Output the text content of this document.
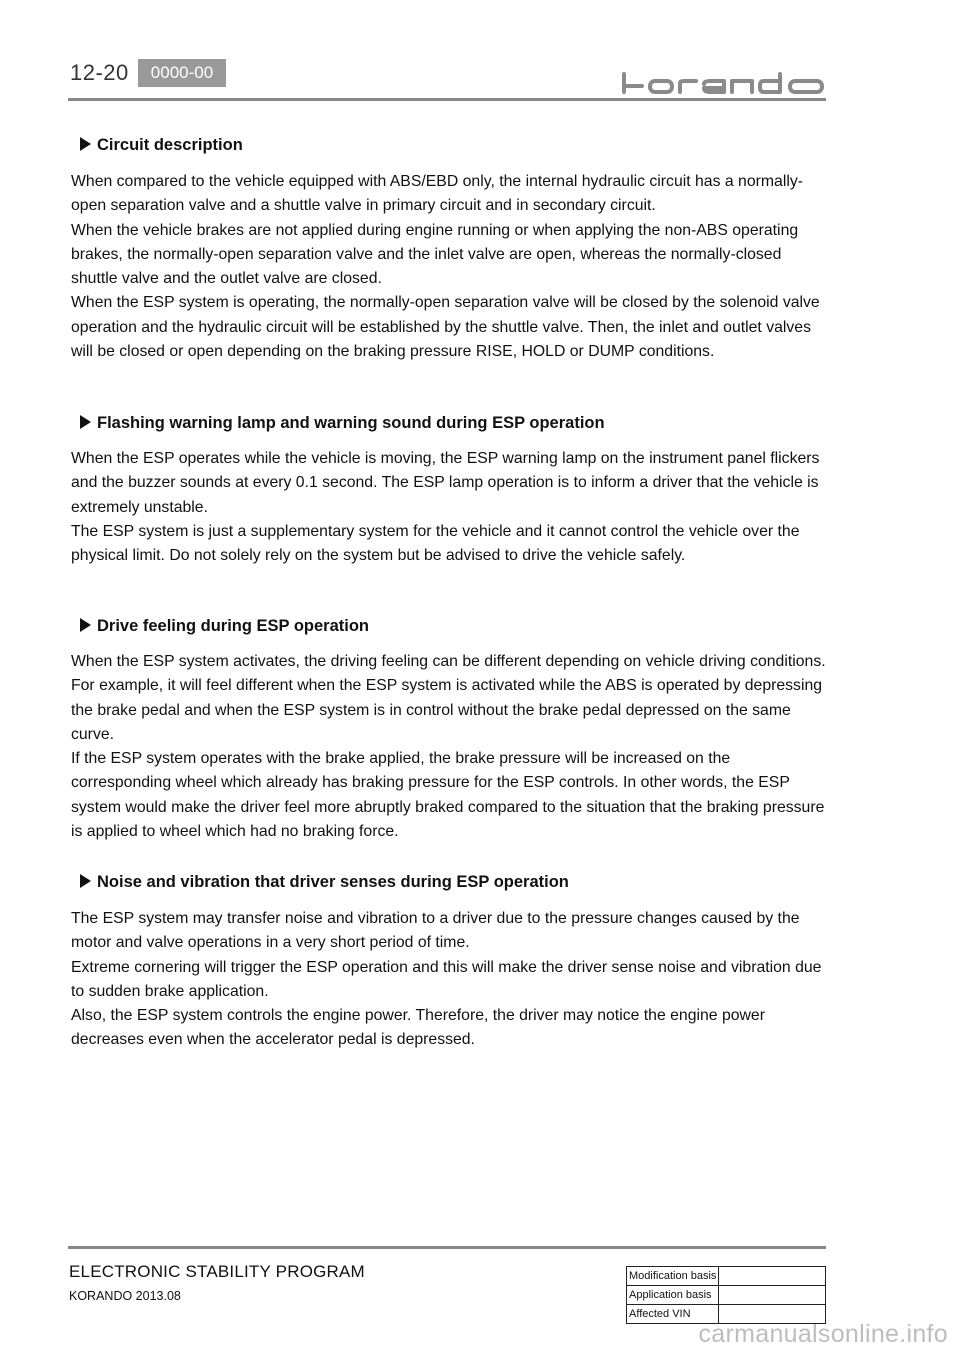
12-20	0000-00
Circuit description

When compared to the vehicle equipped with ABS/EBD only, the internal hydraulic circuit has a normally-open separation valve and a shuttle valve in primary circuit and in secondary circuit.

When the vehicle brakes are not applied during engine running or when applying the non-ABS operating brakes, the normally-open separation valve and the inlet valve are open, whereas the normally-closed shuttle valve and the outlet valve are closed.

When the ESP system is operating, the normally-open separation valve will be closed by the solenoid valve operation and the hydraulic circuit will be established by the shuttle valve. Then, the inlet and outlet valves will be closed or open depending on the braking pressure RISE, HOLD or DUMP conditions.

Flashing warning lamp and warning sound during ESP operation

When the ESP operates while the vehicle is moving, the ESP warning lamp on the instrument panel flickers and the buzzer sounds at every 0.1 second. The ESP lamp operation is to inform a driver that the vehicle is extremely unstable.

The ESP system is just a supplementary system for the vehicle and it cannot control the vehicle over the physical limit. Do not solely rely on the system but be advised to drive the vehicle safely.

Drive feeling during ESP operation

When the ESP system activates, the driving feeling can be different depending on vehicle driving conditions. For example, it will feel different when the ESP system is activated while the ABS is operated by depressing the brake pedal and when the ESP system is in control without the brake pedal depressed on the same curve.

If the ESP system operates with the brake applied, the brake pressure will be increased on the corresponding wheel which already has braking pressure for the ESP controls. In other words, the ESP system would make the driver feel more abruptly braked compared to the situation that the braking pressure is applied to wheel which had no braking force.

Noise and vibration that driver senses during ESP operation

The ESP system may transfer noise and vibration to a driver due to the pressure changes caused by the motor and valve operations in a very short period of time.

Extreme cornering will trigger the ESP operation and this will make the driver sense noise and vibration due to sudden brake application.

Also, the ESP system controls the engine power. Therefore, the driver may notice the engine power decreases even when the accelerator pedal is depressed.

ELECTRONIC STABILITY PROGRAM
KORANDO 2013.08
Modification basis	
Application basis	
Affected VIN	
carmanualsonline.info
